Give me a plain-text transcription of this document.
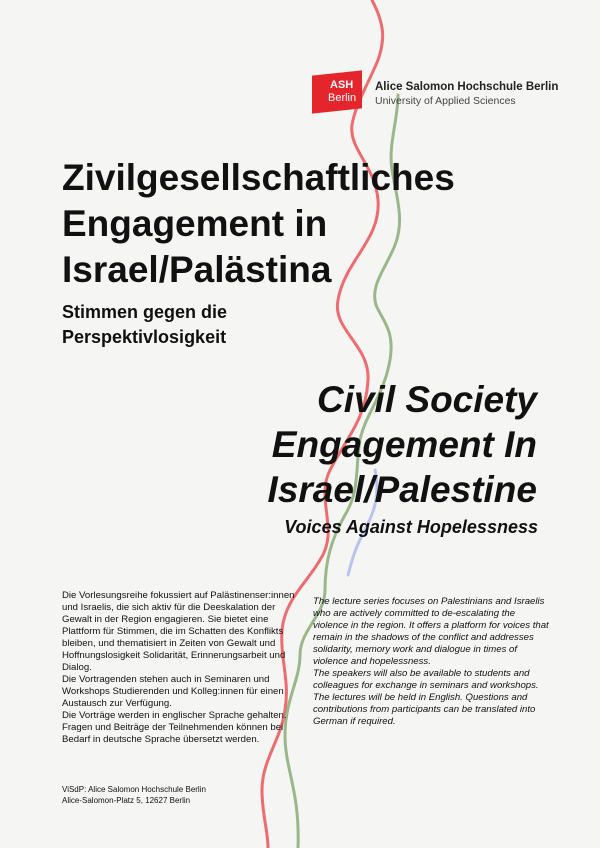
ASH
Berlin
Alice Salomon Hochschule Berlin
University of Applied Sciences
Zivilgesellschaftliches Engagement in Israel/Palästina
Stimmen gegen die Perspektivlosigkeit
Civil Society Engagement In Israel/Palestine
Voices Against Hopelessness

Die Vorlesungsreihe fokussiert auf Palästinenser:innen und Israelis, die sich aktiv für die Deeskalation der Gewalt in der Region engagieren. Sie bietet eine Plattform für Stimmen, die im Schatten des Konflikts bleiben, und thematisiert in Zeiten von Gewalt und Hoffnungslosigkeit Solidarität, Erinnerungsarbeit und Dialog.

Die Vortragenden stehen auch in Seminaren und Workshops Studierenden und Kolleg:innen für einen Austausch zur Verfügung.

Die Vorträge werden in englischer Sprache gehalten. Fragen und Beiträge der Teilnehmenden können bei Bedarf in deutsche Sprache übersetzt werden.

The lecture series focuses on Palestinians and Israelis who are actively committed to de-escalating the violence in the region. It offers a platform for voices that remain in the shadows of the conflict and addresses solidarity, memory work and dialogue in times of violence and hopelessness.

The speakers will also be available to students and colleagues for exchange in seminars and workshops.

The lectures will be held in English. Questions and contributions from participants can be translated into German if required.

ViSdP: Alice Salomon Hochschule Berlin
Alice-Salomon-Platz 5, 12627 Berlin
